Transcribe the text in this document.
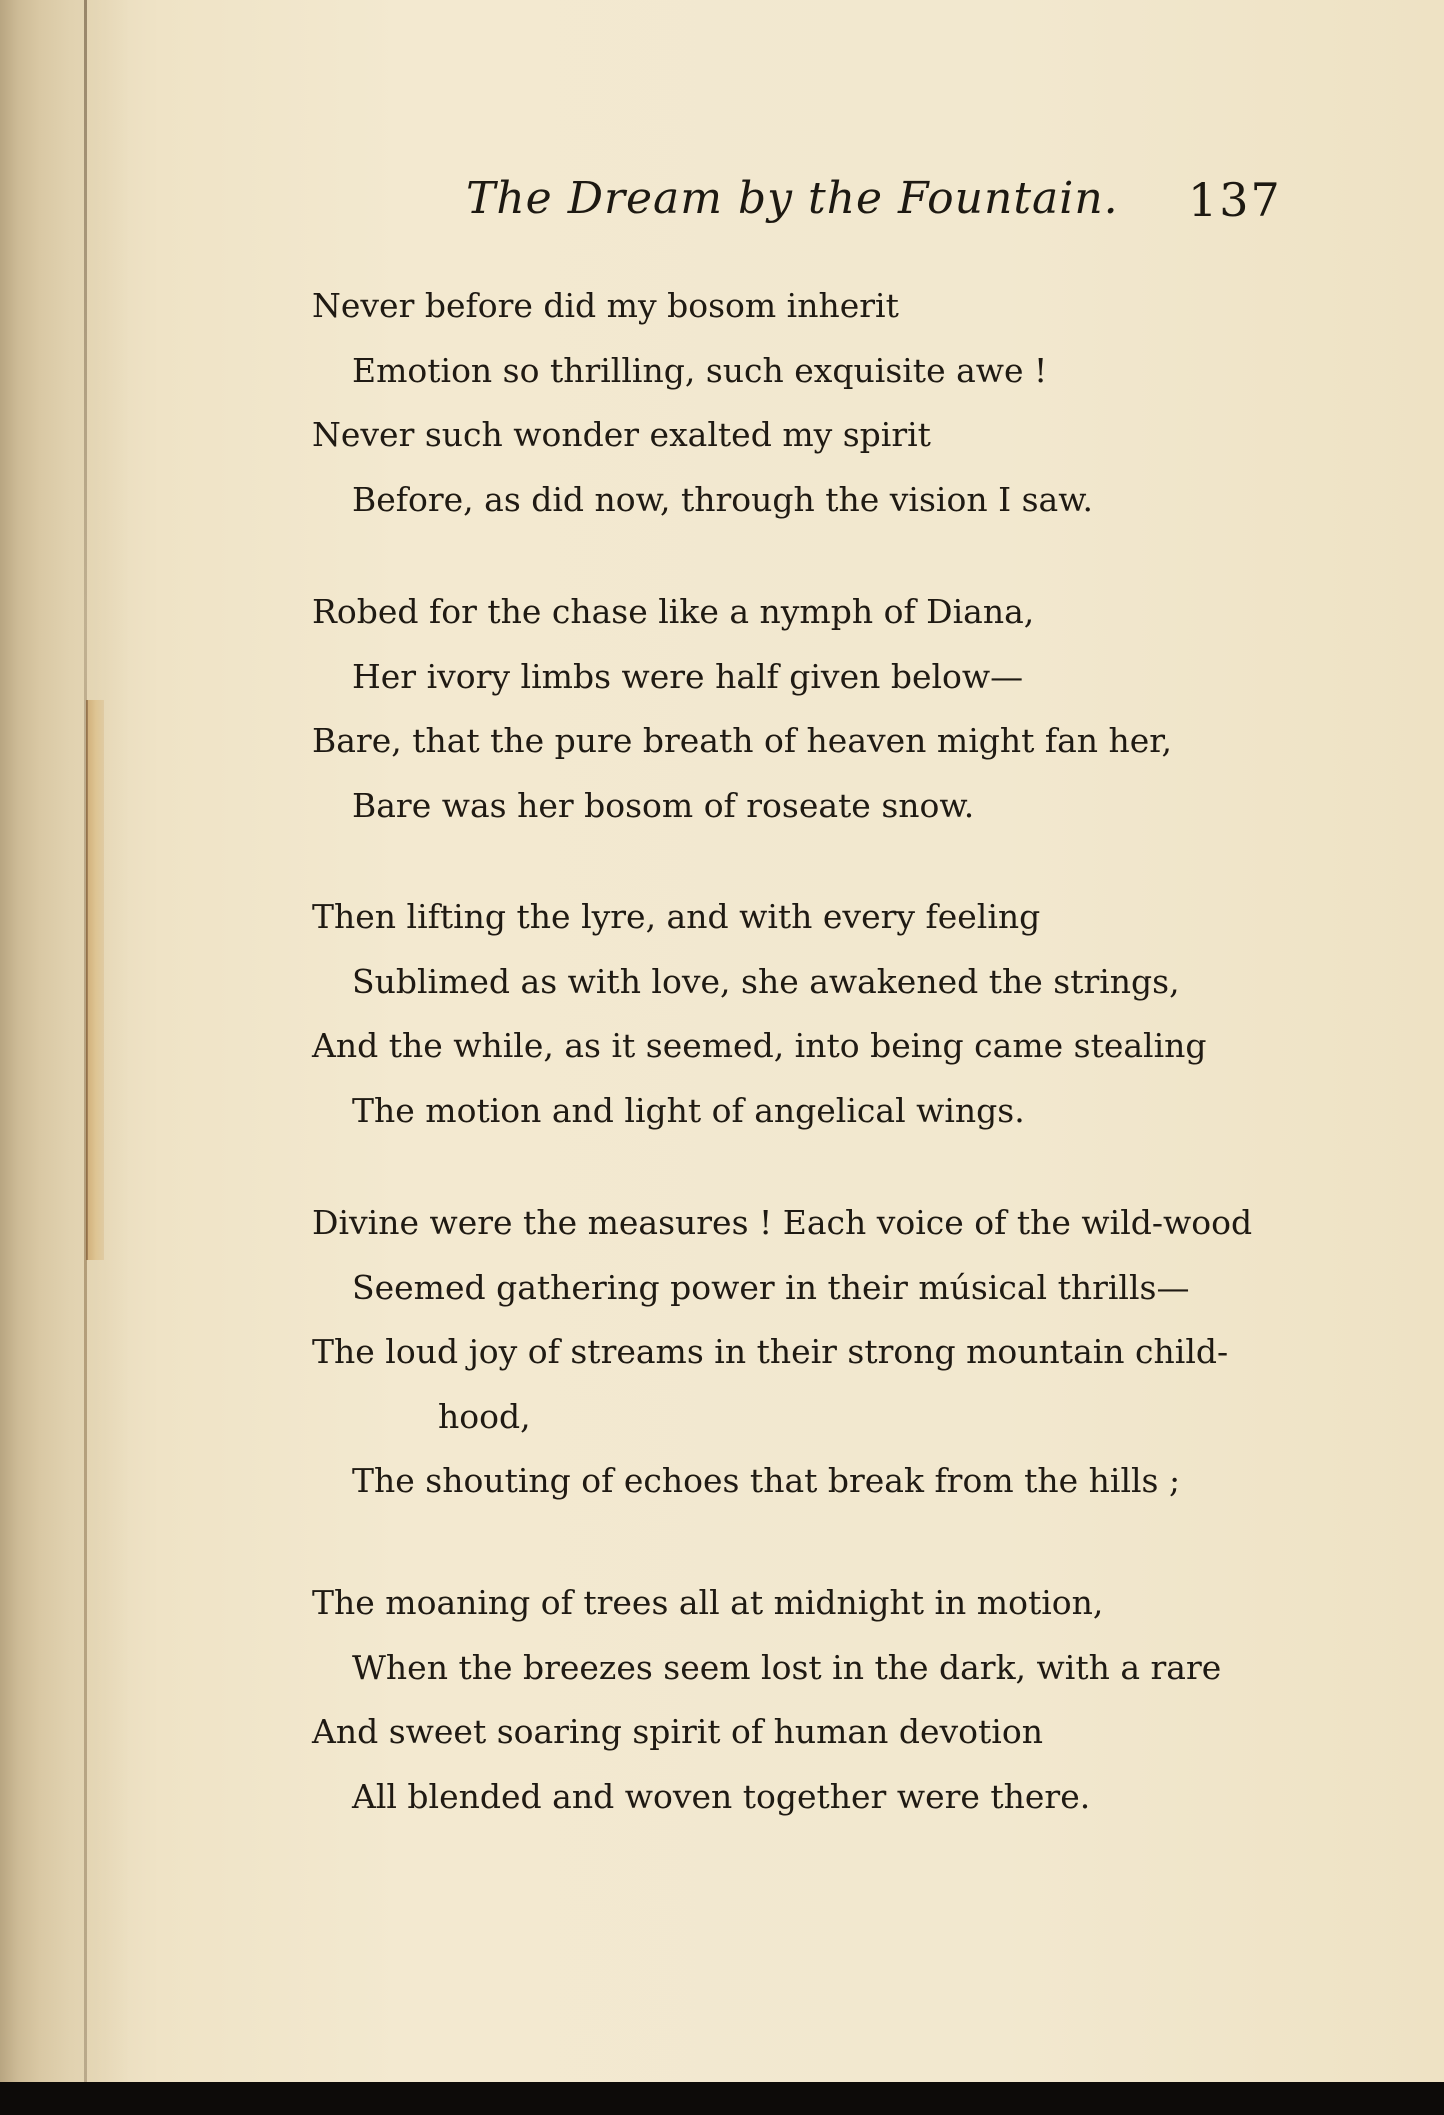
The Dream by the Fountain. 137
Never before did my bosom inherit
Emotion so thrilling, such exquisite awe !
Never such wonder exalted my spirit
Before, as did now, through the vision I saw.
Robed for the chase like a nymph of Diana,
Her ivory limbs were half given below—
Bare, that the pure breath of heaven might fan her,
Bare was her bosom of roseate snow.
Then lifting the lyre, and with every feeling
Sublimed as with love, she awakened the strings,
And the while, as it seemed, into being came stealing
The motion and light of angelical wings.
Divine were the measures ! Each voice of the wild-wood
Seemed gathering power in their músical thrills—
The loud joy of streams in their strong mountain child-
hood,
The shouting of echoes that break from the hills ;
The moaning of trees all at midnight in motion,
When the breezes seem lost in the dark, with a rare
And sweet soaring spirit of human devotion
All blended and woven together were there.
